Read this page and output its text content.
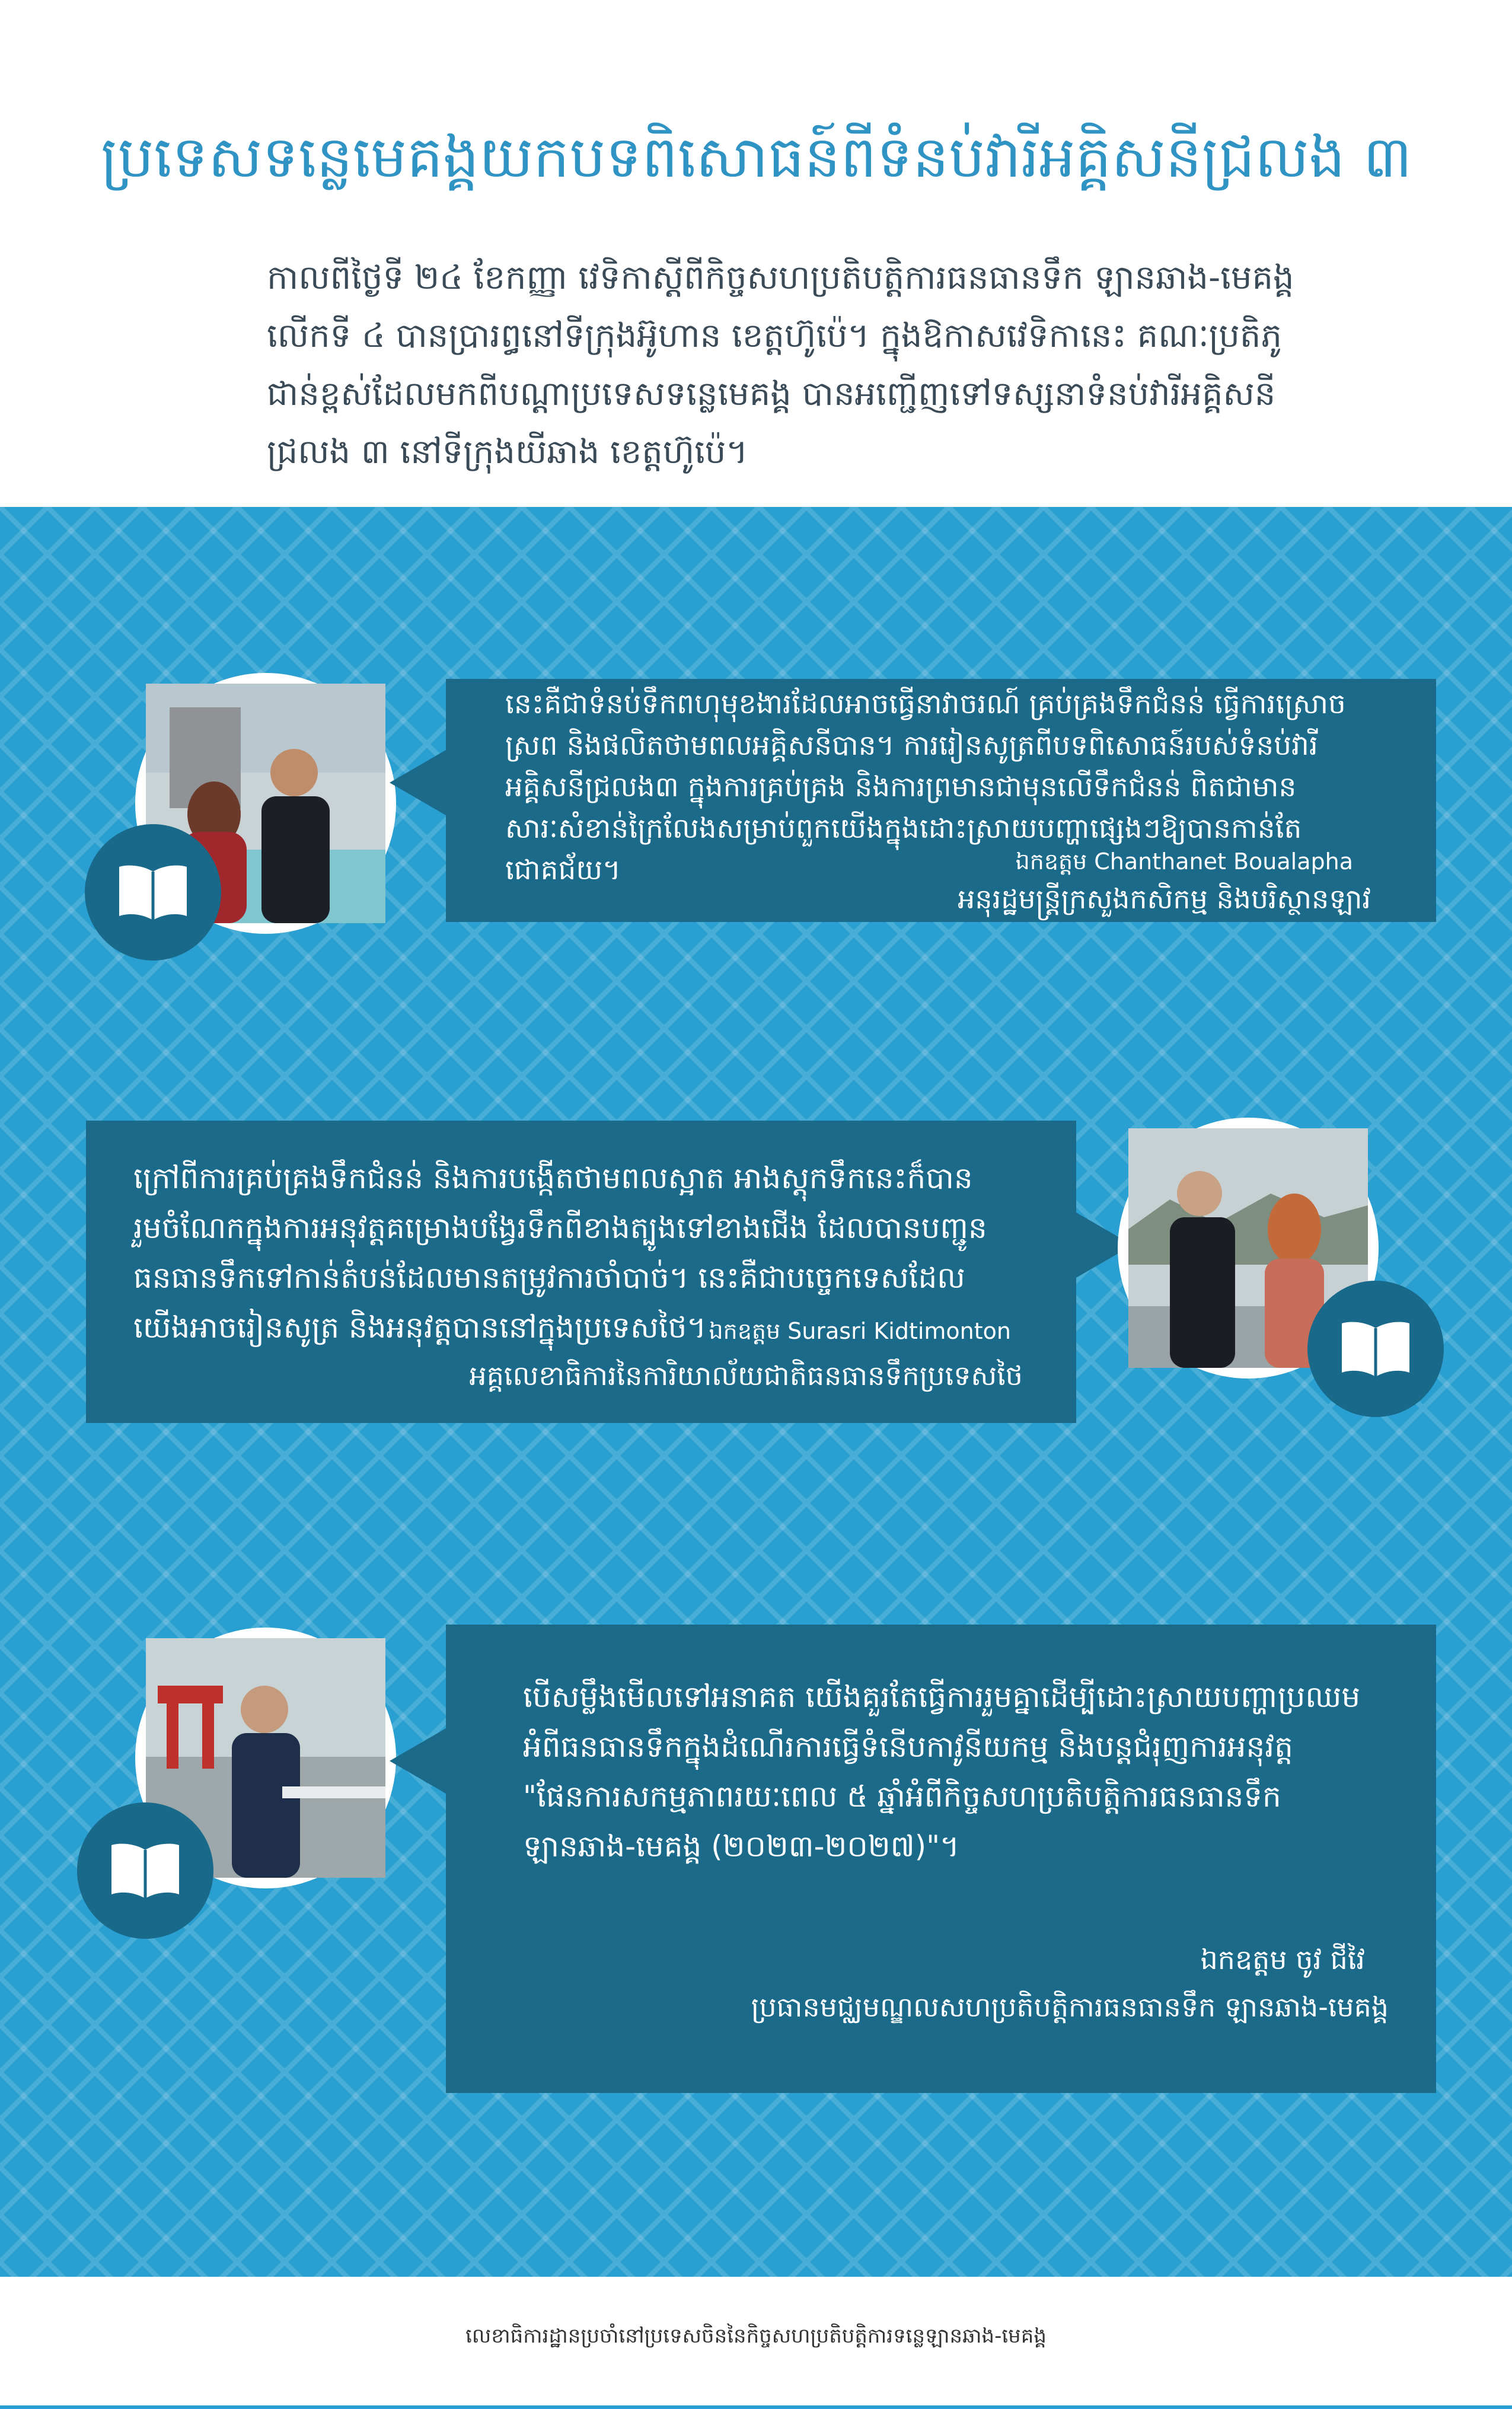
ប្រទេសទន្លេមេគង្គយកបទពិសោធន៍ពីទំនប់វារីអគ្គិសនីជ្រលង ៣

កាលពីថ្ងៃទី ២៤ ខែកញ្ញា វេទិកាស្តីពីកិច្ចសហប្រតិបត្តិការធនធានទឹក ឡានឆាង-មេគង្គ លើកទី ៤ បានប្រារព្ធនៅទីក្រុងអ៊ូហាន ខេត្តហ៊ូប៉េ។ ក្នុងឱកាសវេទិកានេះ គណៈប្រតិភូជាន់ខ្ពស់ដែលមកពីបណ្តាប្រទេសទន្លេមេគង្គ បានអញ្ជើញទៅទស្សនាទំនប់វារីអគ្គិសនីជ្រលង ៣ នៅទីក្រុងយីឆាង ខេត្តហ៊ូប៉េ។

នេះគឺជាទំនប់ទឹកពហុមុខងារដែលអាចធ្វើនាវាចរណ៍ គ្រប់គ្រងទឹកជំនន់ ធ្វើការស្រោចស្រព និងផលិតថាមពលអគ្គិសនីបាន។ ការរៀនសូត្រពីបទពិសោធន៍របស់ទំនប់វារីអគ្គិសនីជ្រលង៣ ក្នុងការគ្រប់គ្រង និងការព្រមានជាមុនលើទឹកជំនន់ ពិតជាមានសារៈសំខាន់ក្រៃលែងសម្រាប់ពួកយើងក្នុងដោះស្រាយបញ្ហាផ្សេងៗឱ្យបានកាន់តែជោគជ័យ។	ឯកឧត្តម Chanthanet Boualapha
អនុរដ្ឋមន្ត្រីក្រសួងកសិកម្ម និងបរិស្ថានឡាវ

ក្រៅពីការគ្រប់គ្រងទឹកជំនន់ និងការបង្កើតថាមពលស្អាត អាងស្តុកទឹកនេះក៏បានរួមចំណែកក្នុងការអនុវត្តគម្រោងបង្វែរទឹកពីខាងត្បូងទៅខាងជើង ដែលបានបញ្ជូនធនធានទឹកទៅកាន់តំបន់ដែលមានតម្រូវការចាំបាច់។ នេះគឺជាបច្ចេកទេសដែលយើងអាចរៀនសូត្រ និងអនុវត្តបាននៅក្នុងប្រទេសថៃ។ ឯកឧត្តម Surasri Kidtimonton
អគ្គលេខាធិការនៃការិយាល័យជាតិធនធានទឹកប្រទេសថៃ

បើសម្លឹងមើលទៅអនាគត យើងគួរតែធ្វើការរួមគ្នាដើម្បីដោះស្រាយបញ្ហាប្រឈមអំពីធនធានទឹកក្នុងដំណើរការធ្វើទំនើបកាវូនីយកម្ម និងបន្តជំរុញការអនុវត្ត "ផែនការសកម្មភាពរយៈពេល ៥ ឆ្នាំអំពីកិច្ចសហប្រតិបត្តិការធនធានទឹក ឡានឆាង-មេគង្គ (២០២៣-២០២៧)"។

ឯកឧត្តម ចូវ ជីវៃ
ប្រធានមជ្ឈមណ្ឌលសហប្រតិបត្តិការធនធានទឹក ឡានឆាង-មេគង្គ
លេខាធិការដ្ឋានប្រចាំនៅប្រទេសចិននៃកិច្ចសហប្រតិបត្តិការទន្លេឡានឆាង-មេគង្គ
